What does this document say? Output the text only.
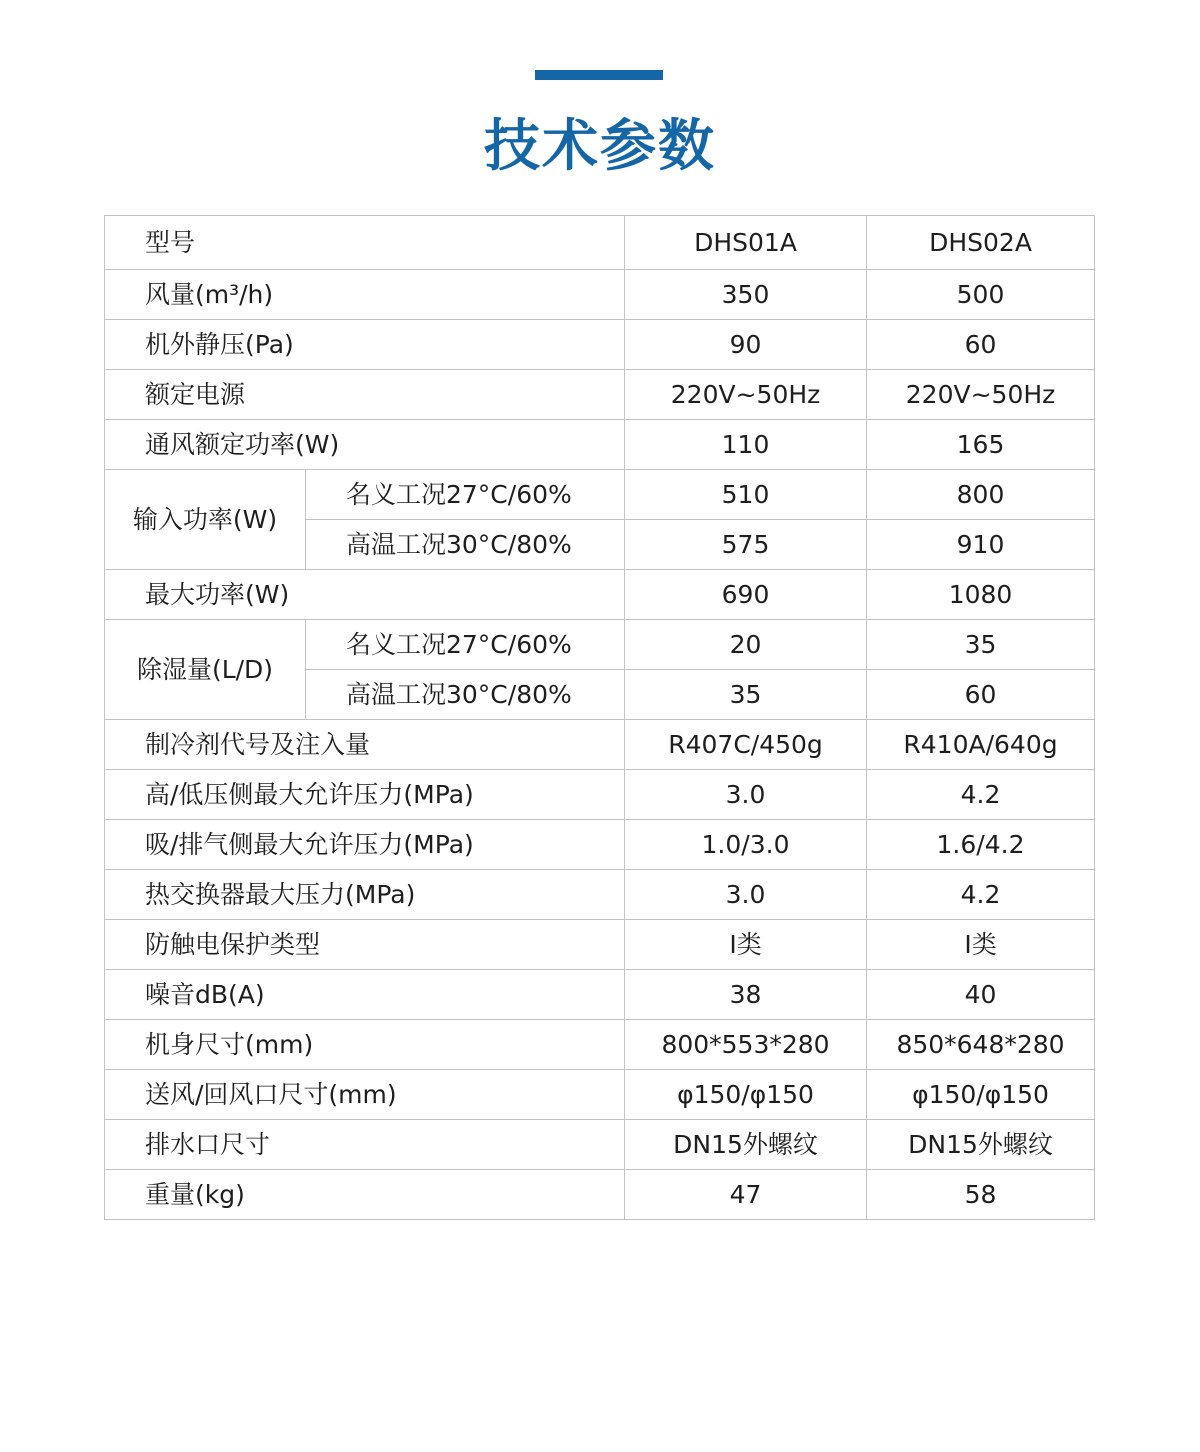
技术参数
型号		DHS01A	DHS02A
风量(m³/h)		350	500
机外静压(Pa)		90	60
额定电源		220V~50Hz	220V~50Hz
通风额定功率(W)		110	165
输入功率(W)	名义工况27°C/60%	510	800
	高温工况30°C/80%	575	910
最大功率(W)		690	1080
除湿量(L/D)	名义工况27°C/60%	20	35
	高温工况30°C/80%	35	60
制冷剂代号及注入量		R407C/450g	R410A/640g
高/低压侧最大允许压力(MPa)		3.0	4.2
吸/排气侧最大允许压力(MPa)		1.0/3.0	1.6/4.2
热交换器最大压力(MPa)		3.0	4.2
防触电保护类型		I类	I类
噪音dB(A)		38	40
机身尺寸(mm)		800*553*280	850*648*280
送风/回风口尺寸(mm)		φ150/φ150	φ150/φ150
排水口尺寸		DN15外螺纹	DN15外螺纹
重量(kg)		47	58
